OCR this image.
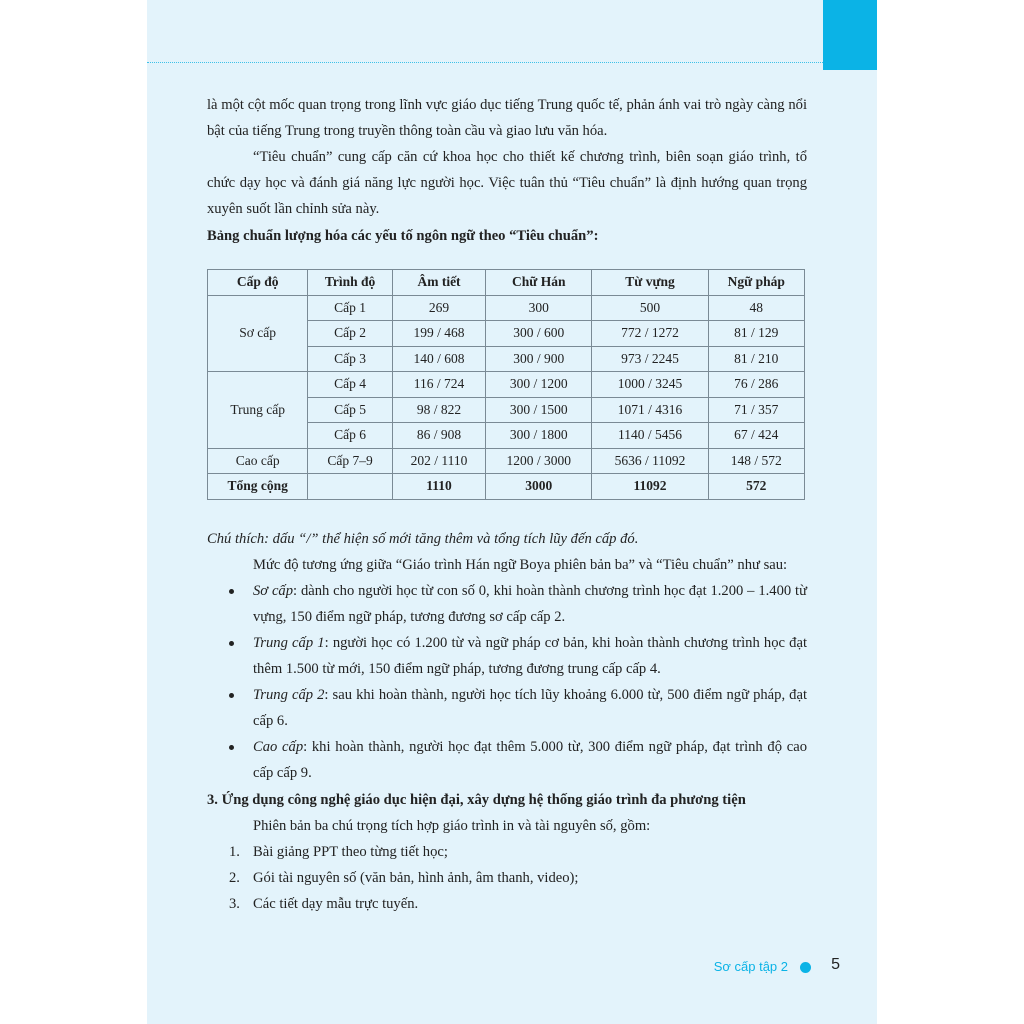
là một cột mốc quan trọng trong lĩnh vực giáo dục tiếng Trung quốc tế, phản ánh vai trò ngày càng nổi bật của tiếng Trung trong truyền thông toàn cầu và giao lưu văn hóa.

“Tiêu chuẩn” cung cấp căn cứ khoa học cho thiết kế chương trình, biên soạn giáo trình, tổ chức dạy học và đánh giá năng lực người học. Việc tuân thủ “Tiêu chuẩn” là định hướng quan trọng xuyên suốt lần chỉnh sửa này.

Bảng chuẩn lượng hóa các yếu tố ngôn ngữ theo “Tiêu chuẩn”:

Cấp độ	Trình độ	Âm tiết	Chữ Hán	Từ vựng	Ngữ pháp
Sơ cấp	Cấp 1	269	300	500	48
	Cấp 2	199 / 468	300 / 600	772 / 1272	81 / 129
	Cấp 3	140 / 608	300 / 900	973 / 2245	81 / 210
Trung cấp	Cấp 4	116 / 724	300 / 1200	1000 / 3245	76 / 286
	Cấp 5	98 / 822	300 / 1500	1071 / 4316	71 / 357
	Cấp 6	86 / 908	300 / 1800	1140 / 5456	67 / 424
Cao cấp	Cấp 7–9	202 / 1110	1200 / 3000	5636 / 11092	148 / 572
Tổng cộng		1110	3000	11092	572

Chú thích: dấu “/” thể hiện số mới tăng thêm và tổng tích lũy đến cấp đó.

Mức độ tương ứng giữa “Giáo trình Hán ngữ Boya phiên bản ba” và “Tiêu chuẩn” như sau:

Sơ cấp: dành cho người học từ con số 0, khi hoàn thành chương trình học đạt 1.200 – 1.400 từ vựng, 150 điểm ngữ pháp, tương đương sơ cấp cấp 2.
Trung cấp 1: người học có 1.200 từ và ngữ pháp cơ bản, khi hoàn thành chương trình học đạt thêm 1.500 từ mới, 150 điểm ngữ pháp, tương đương trung cấp cấp 4.
Trung cấp 2: sau khi hoàn thành, người học tích lũy khoảng 6.000 từ, 500 điểm ngữ pháp, đạt cấp 6.
Cao cấp: khi hoàn thành, người học đạt thêm 5.000 từ, 300 điểm ngữ pháp, đạt trình độ cao cấp cấp 9.

3. Ứng dụng công nghệ giáo dục hiện đại, xây dựng hệ thống giáo trình đa phương tiện

Phiên bản ba chú trọng tích hợp giáo trình in và tài nguyên số, gồm:

1. Bài giảng PPT theo từng tiết học;
2. Gói tài nguyên số (văn bản, hình ảnh, âm thanh, video);
3. Các tiết dạy mẫu trực tuyến.
Sơ cấp tập 2	5
